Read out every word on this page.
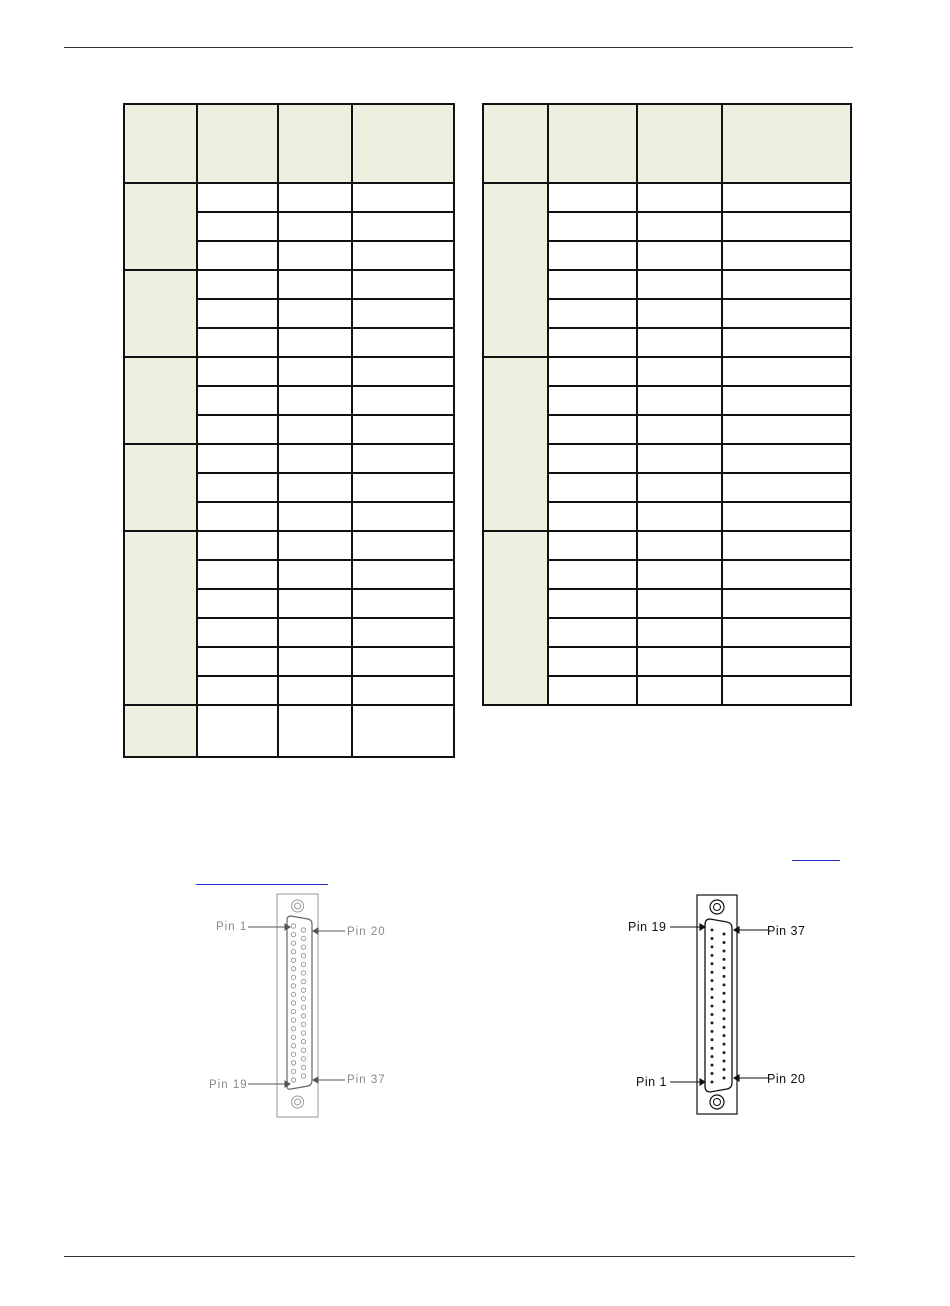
Pin 1	Pin 20
Pin 19	Pin 37
Pin 19	Pin 37
Pin 1	Pin 20
